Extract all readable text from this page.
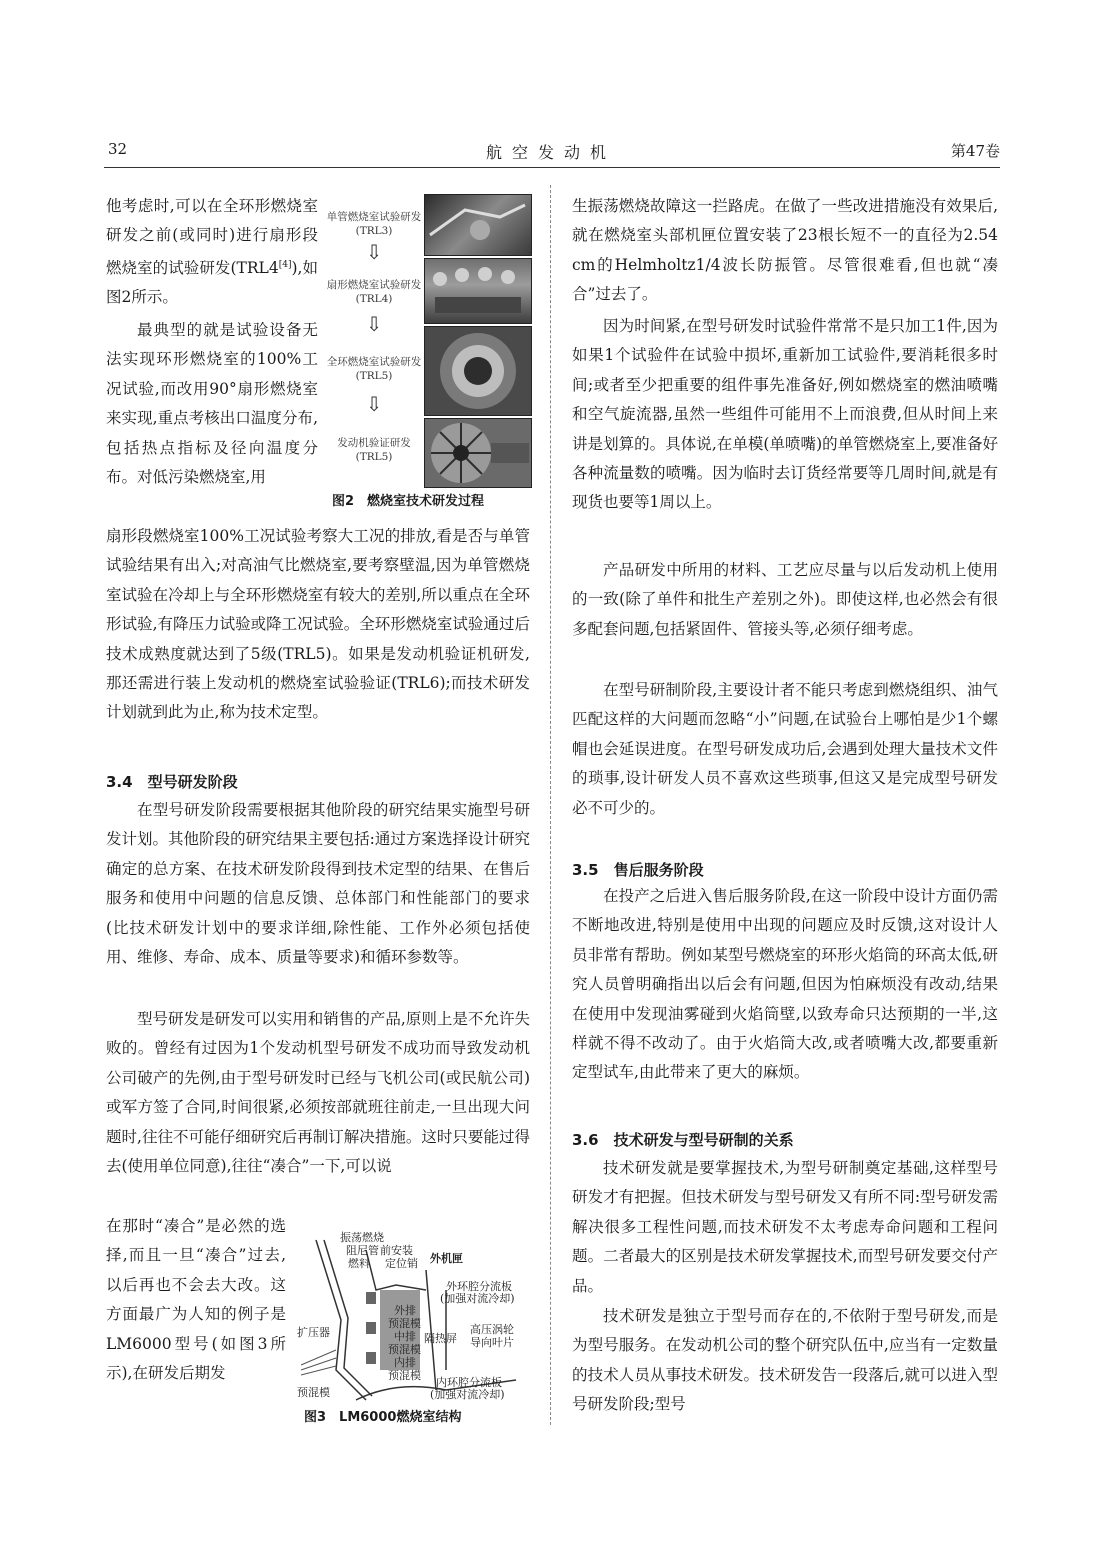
32	航空发动机	第47卷

他考虑时,可以在全环形燃烧室研发之前(或同时)进行扇形段燃烧室的试验研发(TRL4[4]),如图2所示。

最典型的就是试验设备无法实现环形燃烧室的100%工况试验,而改用90°扇形燃烧室来实现,重点考核出口温度分布,包括热点指标及径向温度分布。对低污染燃烧室,用

扇形段燃烧室100%工况试验考察大工况的排放,看是否与单管试验结果有出入;对高油气比燃烧室,要考察壁温,因为单管燃烧室试验在冷却上与全环形燃烧室有较大的差别,所以重点在全环形试验,有降压力试验或降工况试验。全环形燃烧室试验通过后技术成熟度就达到了5级(TRL5)。如果是发动机验证机研发,那还需进行装上发动机的燃烧室试验验证(TRL6);而技术研发计划就到此为止,称为技术定型。

3.4　型号研发阶段

在型号研发阶段需要根据其他阶段的研究结果实施型号研发计划。其他阶段的研究结果主要包括:通过方案选择设计研究确定的总方案、在技术研发阶段得到技术定型的结果、在售后服务和使用中问题的信息反馈、总体部门和性能部门的要求(比技术研发计划中的要求详细,除性能、工作外必须包括使用、维修、寿命、成本、质量等要求)和循环参数等。

型号研发是研发可以实用和销售的产品,原则上是不允许失败的。曾经有过因为1个发动机型号研发不成功而导致发动机公司破产的先例,由于型号研发时已经与飞机公司(或民航公司)或军方签了合同,时间很紧,必须按部就班往前走,一旦出现大问题时,往往不可能仔细研究后再制订解决措施。这时只要能过得去(使用单位同意),往往“凑合”一下,可以说

在那时“凑合”是必然的选择,而且一旦“凑合”过去,以后再也不会去大改。这方面最广为人知的例子是LM6000型号(如图3所示),在研发后期发

单管燃烧室试验研发(TRL3)
⇩
扇形燃烧室试验研发(TRL4)
⇩
全环燃烧室试验研发(TRL5)
⇩
发动机验证研发(TRL5)
图2　燃烧室技术研发过程
振荡燃烧
阻尼管 前安装
燃料 定位销 外机匣
外环腔分流板
(加强对流冷却)
外排
预混模
中排
预混模
内排
预混模
扩压器	隔热屏
高压涡轮
导向叶片
内环腔分流板
(加强对流冷却)
预混模
图3　LM6000燃烧室结构

生振荡燃烧故障这一拦路虎。在做了一些改进措施没有效果后,就在燃烧室头部机匣位置安装了23根长短不一的直径为2.54 cm的Helmholtz1/4波长防振管。尽管很难看,但也就“凑合”过去了。

因为时间紧,在型号研发时试验件常常不是只加工1件,因为如果1个试验件在试验中损坏,重新加工试验件,要消耗很多时间;或者至少把重要的组件事先准备好,例如燃烧室的燃油喷嘴和空气旋流器,虽然一些组件可能用不上而浪费,但从时间上来讲是划算的。具体说,在单模(单喷嘴)的单管燃烧室上,要准备好各种流量数的喷嘴。因为临时去订货经常要等几周时间,就是有现货也要等1周以上。

产品研发中所用的材料、工艺应尽量与以后发动机上使用的一致(除了单件和批生产差别之外)。即使这样,也必然会有很多配套问题,包括紧固件、管接头等,必须仔细考虑。

在型号研制阶段,主要设计者不能只考虑到燃烧组织、油气匹配这样的大问题而忽略“小”问题,在试验台上哪怕是少1个螺帽也会延误进度。在型号研发成功后,会遇到处理大量技术文件的琐事,设计研发人员不喜欢这些琐事,但这又是完成型号研发必不可少的。

3.5　售后服务阶段

在投产之后进入售后服务阶段,在这一阶段中设计方面仍需不断地改进,特别是使用中出现的问题应及时反馈,这对设计人员非常有帮助。例如某型号燃烧室的环形火焰筒的环高太低,研究人员曾明确指出以后会有问题,但因为怕麻烦没有改动,结果在使用中发现油雾碰到火焰筒壁,以致寿命只达预期的一半,这样就不得不改动了。由于火焰筒大改,或者喷嘴大改,都要重新定型试车,由此带来了更大的麻烦。

3.6　技术研发与型号研制的关系

技术研发就是要掌握技术,为型号研制奠定基础,这样型号研发才有把握。但技术研发与型号研发又有所不同:型号研发需解决很多工程性问题,而技术研发不太考虑寿命问题和工程问题。二者最大的区别是技术研发掌握技术,而型号研发要交付产品。

技术研发是独立于型号而存在的,不依附于型号研发,而是为型号服务。在发动机公司的整个研究队伍中,应当有一定数量的技术人员从事技术研发。技术研发告一段落后,就可以进入型号研发阶段;型号
